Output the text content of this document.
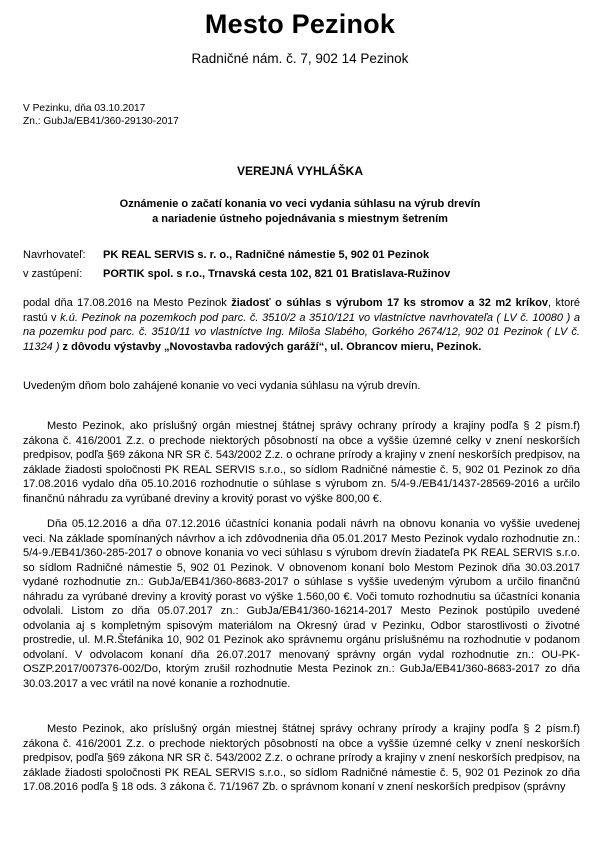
Mesto Pezinok
Radničné nám. č. 7, 902 14 Pezinok
V Pezinku, dňa 03.10.2017
Zn.: GubJa/EB41/360-29130-2017
VEREJNÁ VYHLÁŠKA
Oznámenie o začatí konania vo veci vydania súhlasu na výrub drevín
a nariadenie ústneho pojednávania s miestnym šetrením
Navrhovateľ: PK REAL SERVIS s. r. o., Radničné námestie 5, 902 01 Pezinok
v zastúpení: PORTIK spol. s r.o., Trnavská cesta 102, 821 01 Bratislava-Ružinov
podal dňa 17.08.2016 na Mesto Pezinok žiadosť o súhlas s výrubom 17 ks stromov a 32 m2 kríkov, ktoré rastú v k.ú. Pezinok na pozemkoch pod parc. č. 3510/2 a 3510/121 vo vlastníctve navrhovateľa ( LV č. 10080 ) a na pozemku pod parc. č. 3510/11 vo vlastníctve Ing. Miloša Slabého, Gorkého 2674/12, 902 01 Pezinok ( LV č. 11324 ) z dôvodu výstavby „Novostavba radových garáží“, ul. Obrancov mieru, Pezinok.
Uvedeným dňom bolo zahájené konanie vo veci vydania súhlasu na výrub drevín.
Mesto Pezinok, ako príslušný orgán miestnej štátnej správy ochrany prírody a krajiny podľa § 2 písm.f) zákona č. 416/2001 Z.z. o prechode niektorých pôsobností na obce a vyššie územné celky v znení neskorších predpisov, podľa §69 zákona NR SR č. 543/2002 Z.z. o ochrane prírody a krajiny v znení neskorších predpisov, na základe žiadosti spoločnosti PK REAL SERVIS s.r.o., so sídlom Radničné námestie č. 5, 902 01 Pezinok zo dňa 17.08.2016 vydalo dňa 05.10.2016 rozhodnutie o súhlase s výrubom zn. 5/4-9./EB41/1437-28569-2016 a určilo finančnú náhradu za vyrúbané dreviny a krovitý porast vo výške 800,00 €.
Dňa 05.12.2016 a dňa 07.12.2016 účastníci konania podali návrh na obnovu konania vo vyššie uvedenej veci. Na základe spomínaných návrhov a ich zdôvodnenia dňa 05.01.2017 Mesto Pezinok vydalo rozhodnutie zn.: 5/4-9./EB41/360-285-2017 o obnove konania vo veci súhlasu s výrubom drevín žiadateľa PK REAL SERVIS s.r.o. so sídlom Radničné námestie 5, 902 01 Pezinok. V obnovenom konaní bolo Mestom Pezinok dňa 30.03.2017 vydané rozhodnutie zn.: GubJa/EB41/360-8683-2017 o súhlase s vyššie uvedeným výrubom a určilo finančnú náhradu za vyrúbané dreviny a krovitý porast vo výške 1.560,00 €. Voči tomuto rozhodnutiu sa účastníci konania odvolali. Listom zo dňa 05.07.2017 zn.: GubJa/EB41/360-16214-2017 Mesto Pezinok postúpilo uvedené odvolania aj s kompletným spisovým materiálom na Okresný úrad v Pezinku, Odbor starostlivosti o životné prostredie, ul. M.R.Štefánika 10, 902 01 Pezinok ako správnemu orgánu príslušnému na rozhodnutie v podanom odvolaní. V odvolacom konaní dňa 26.07.2017 menovaný správny orgán vydal rozhodnutie zn.: OU-PK-OSZP.2017/007376-002/Do, ktorým zrušil rozhodnutie Mesta Pezinok zn.: GubJa/EB41/360-8683-2017 zo dňa 30.03.2017 a vec vrátil na nové konanie a rozhodnutie.
Mesto Pezinok, ako príslušný orgán miestnej štátnej správy ochrany prírody a krajiny podľa § 2 písm.f) zákona č. 416/2001 Z.z. o prechode niektorých pôsobností na obce a vyššie územné celky v znení neskorších predpisov, podľa §69 zákona NR SR č. 543/2002 Z.z. o ochrane prírody a krajiny v znení neskorších predpisov, na základe žiadosti spoločnosti PK REAL SERVIS s.r.o., so sídlom Radničné námestie č. 5, 902 01 Pezinok zo dňa 17.08.2016 podľa § 18 ods. 3 zákona č. 71/1967 Zb. o správnom konaní v znení neskorších predpisov (správny
